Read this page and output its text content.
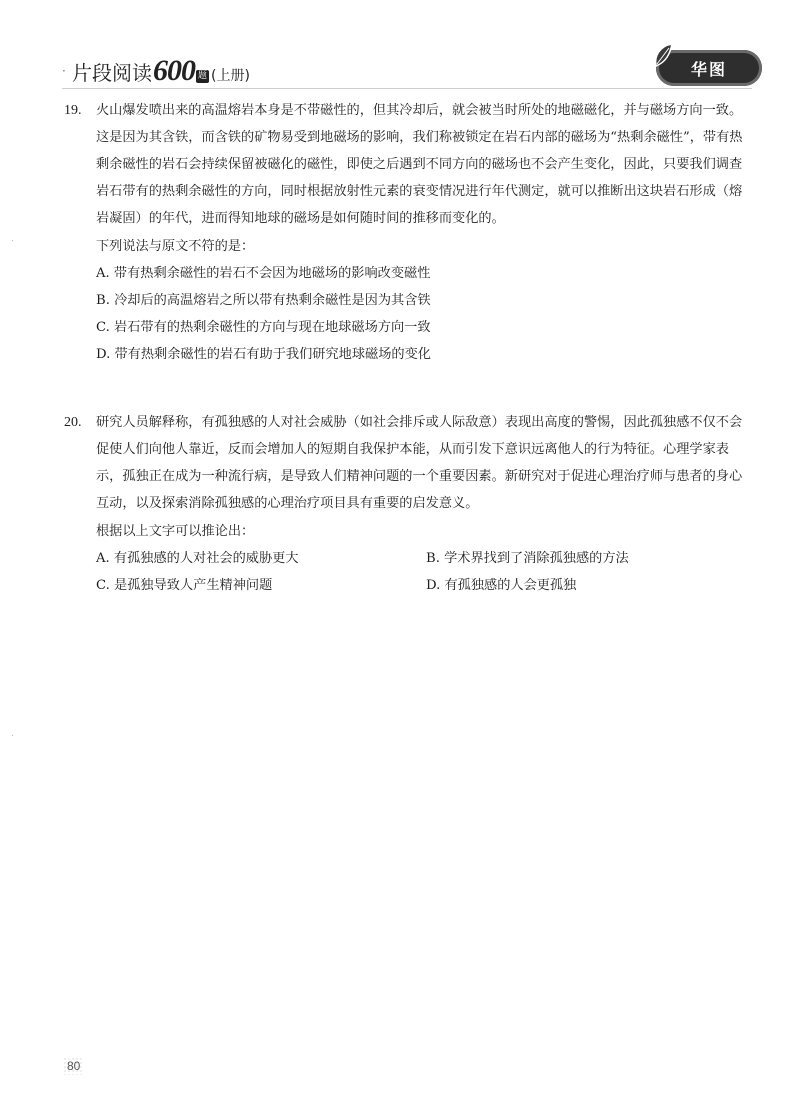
· 片段阅读 600 题 (上册)	华图

19. 火山爆发喷出来的高温熔岩本身是不带磁性的，但其冷却后，就会被当时所处的地磁磁化，并与磁场方向一致。这是因为其含铁，而含铁的矿物易受到地磁场的影响，我们称被锁定在岩石内部的磁场为“热剩余磁性”，带有热剩余磁性的岩石会持续保留被磁化的磁性，即使之后遇到不同方向的磁场也不会产生变化，因此，只要我们调查岩石带有的热剩余磁性的方向，同时根据放射性元素的衰变情况进行年代测定，就可以推断出这块岩石形成（熔岩凝固）的年代，进而得知地球的磁场是如何随时间的推移而变化的。

下列说法与原文不符的是：

A. 带有热剩余磁性的岩石不会因为地磁场的影响改变磁性
B. 冷却后的高温熔岩之所以带有热剩余磁性是因为其含铁
C. 岩石带有的热剩余磁性的方向与现在地球磁场方向一致
D. 带有热剩余磁性的岩石有助于我们研究地球磁场的变化

20. 研究人员解释称，有孤独感的人对社会威胁（如社会排斥或人际敌意）表现出高度的警惕，因此孤独感不仅不会促使人们向他人靠近，反而会增加人的短期自我保护本能，从而引发下意识远离他人的行为特征。心理学家表示，孤独正在成为一种流行病，是导致人们精神问题的一个重要因素。新研究对于促进心理治疗师与患者的身心互动，以及探索消除孤独感的心理治疗项目具有重要的启发意义。

根据以上文字可以推论出：

A. 有孤独感的人对社会的威胁更大	B. 学术界找到了消除孤独感的方法
C. 是孤独导致人产生精神问题	D. 有孤独感的人会更孤独
80
